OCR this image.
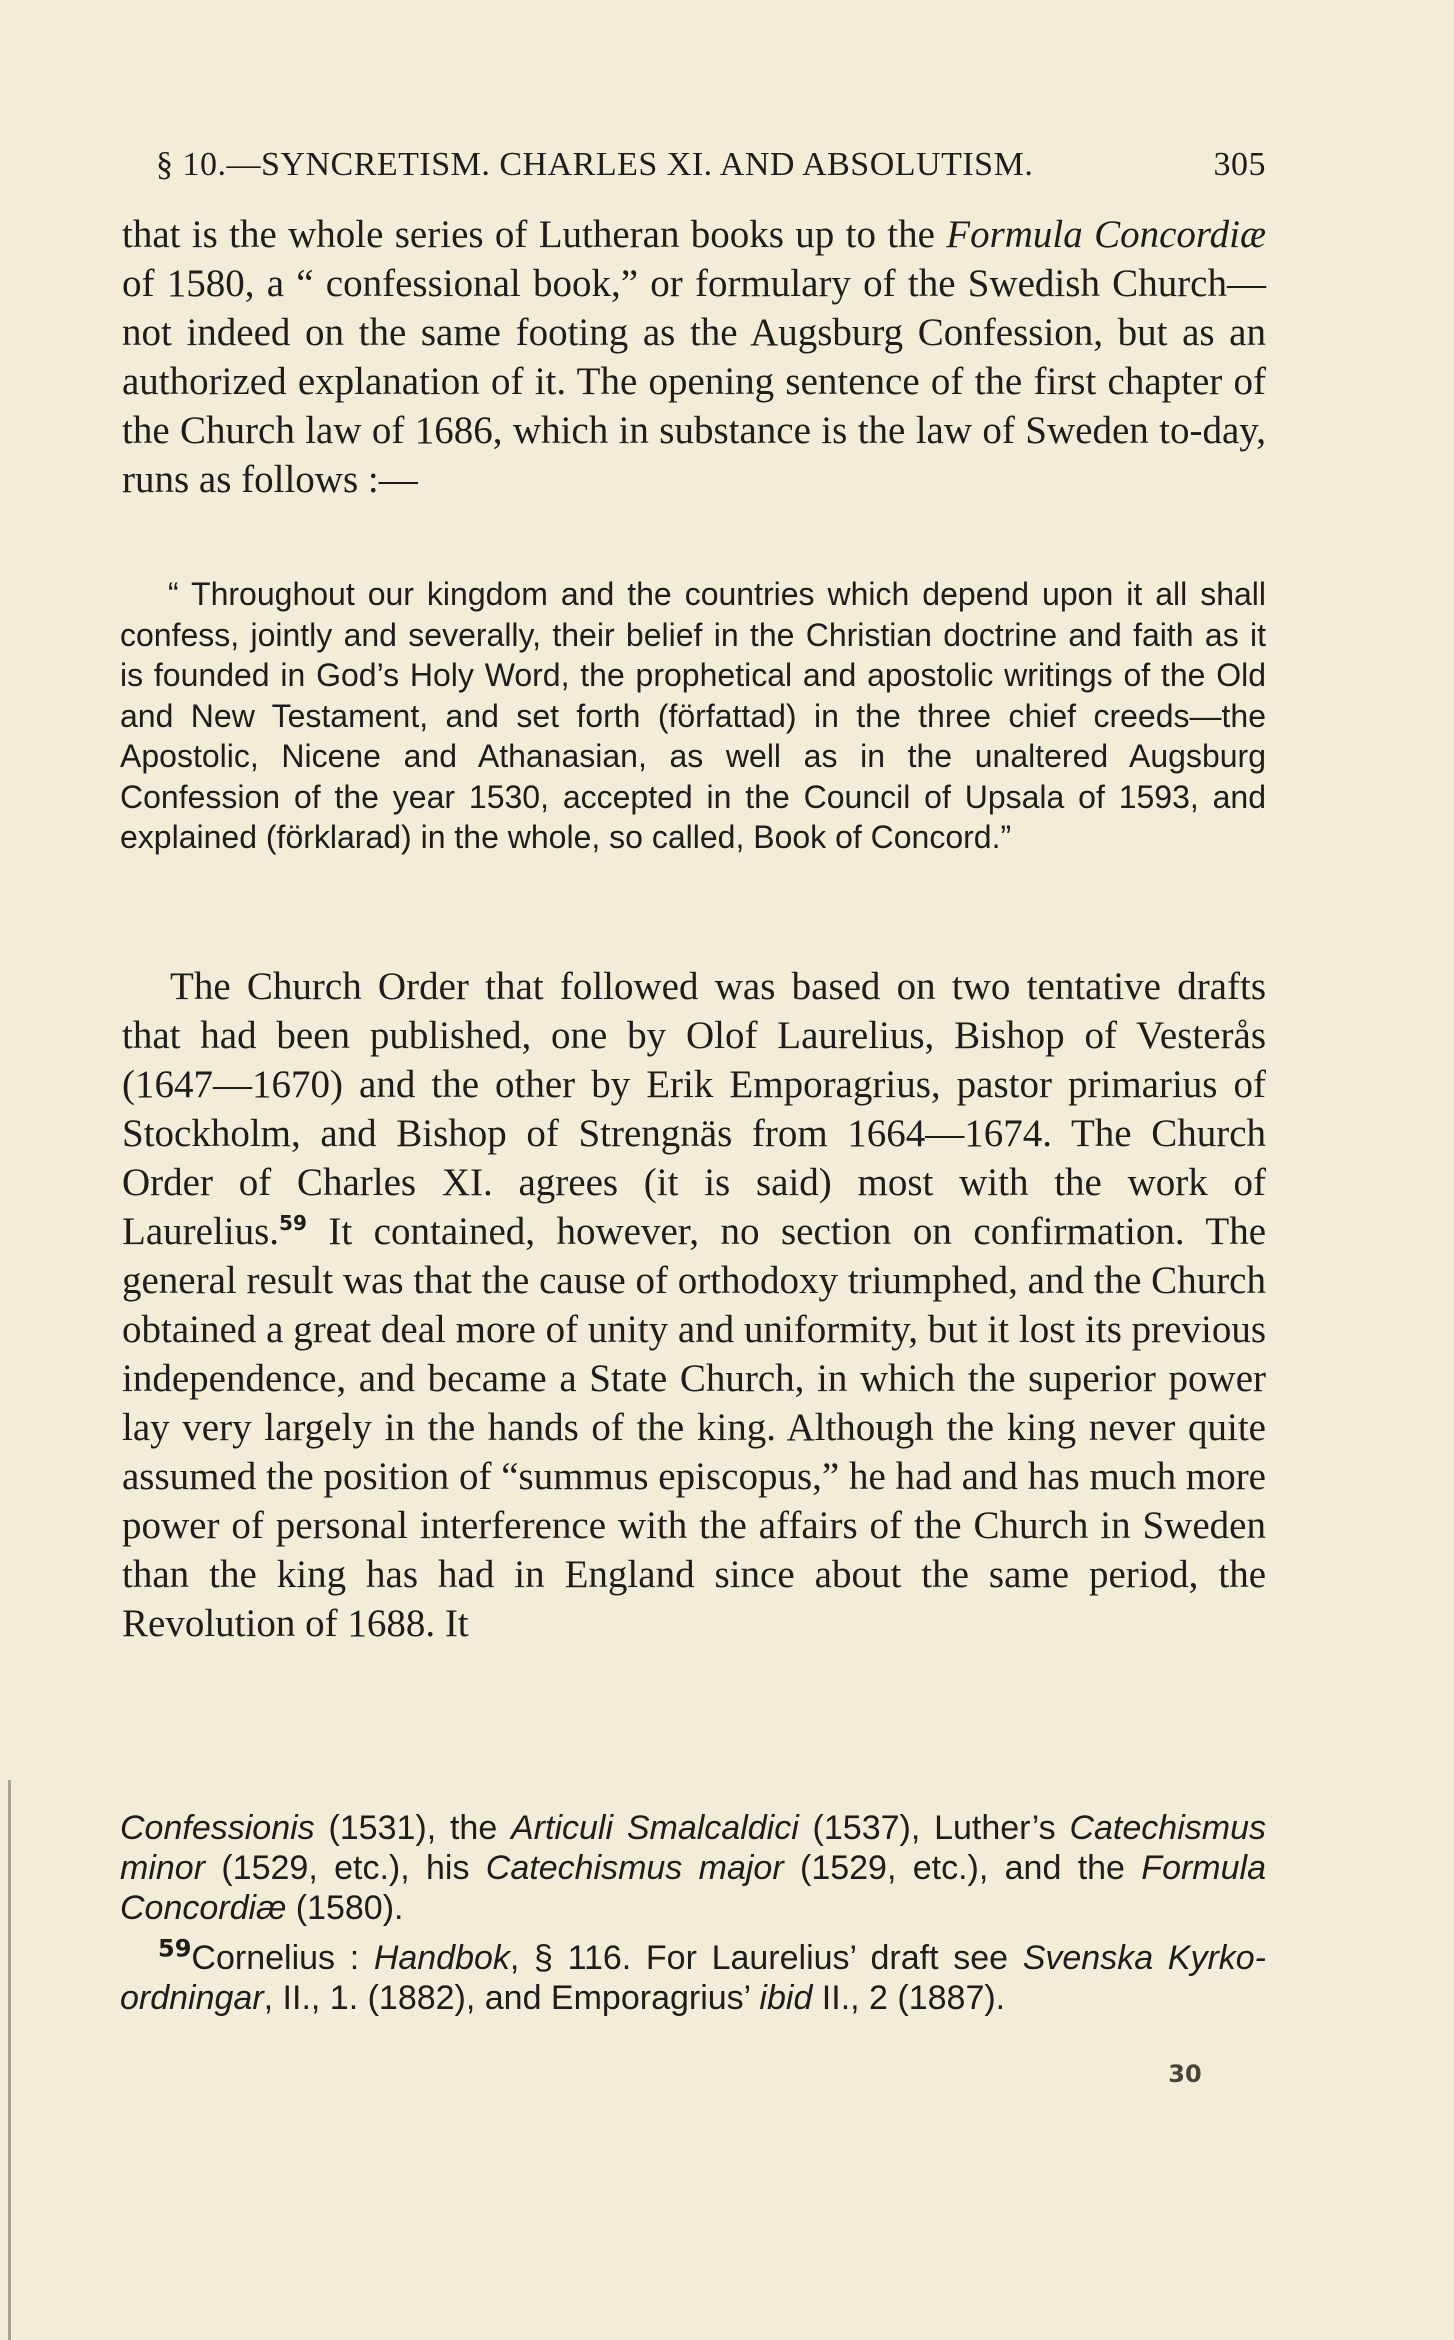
§ 10.—SYNCRETISM. CHARLES XI. AND ABSOLUTISM.	305

that is the whole series of Lutheran books up to the Formula Concordiæ of 1580, a “ confessional book,” or formulary of the Swedish Church—not indeed on the same footing as the Augsburg Confession, but as an authorized explanation of it. The opening sentence of the first chapter of the Church law of 1686, which in substance is the law of Sweden to-day, runs as follows :—

“ Throughout our kingdom and the countries which depend upon it all shall confess, jointly and severally, their belief in the Christian doctrine and faith as it is founded in God’s Holy Word, the prophetical and apostolic writings of the Old and New Testament, and set forth (författad) in the three chief creeds—the Apostolic, Nicene and Athanasian, as well as in the unaltered Augsburg Confession of the year 1530, accepted in the Council of Upsala of 1593, and explained (förklarad) in the whole, so called, Book of Concord.”

The Church Order that followed was based on two tentative drafts that had been published, one by Olof Laurelius, Bishop of Vesterås (1647—1670) and the other by Erik Emporagrius, pastor primarius of Stockholm, and Bishop of Strengnäs from 1664—1674. The Church Order of Charles XI. agrees (it is said) most with the work of Laurelius.$^{59}$ It contained, however, no section on confirmation. The general result was that the cause of orthodoxy triumphed, and the Church obtained a great deal more of unity and uniformity, but it lost its previous independence, and became a State Church, in which the superior power lay very largely in the hands of the king. Although the king never quite assumed the position of “summus episcopus,” he had and has much more power of personal interference with the affairs of the Church in Sweden than the king has had in England since about the same period, the Revolution of 1688. It

Confessionis (1531), the Articuli Smalcaldici (1537), Luther’s Catechismus minor (1529, etc.), his Catechismus major (1529, etc.), and the Formula Concordiæ (1580).

$^{59}$Cornelius : Handbok, § 116. For Laurelius’ draft see Svenska Kyrko-ordningar, II., 1. (1882), and Emporagrius’ ibid II., 2 (1887).

30
